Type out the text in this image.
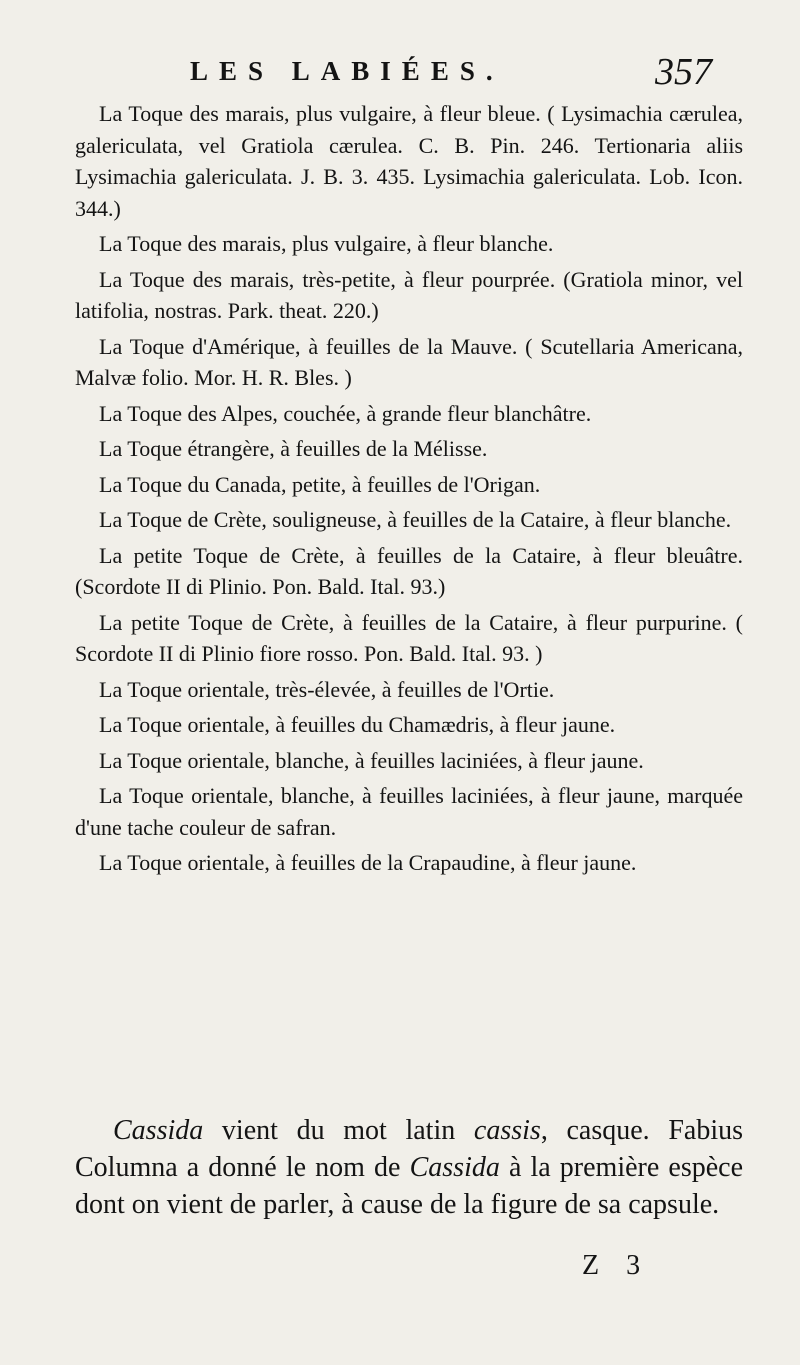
LES LABIÉES.	357

La Toque des marais, plus vulgaire, à fleur bleue. ( Lysimachia cærulea, galericulata, vel Gratiola cærulea. C. B. Pin. 246. Tertionaria aliis Lysimachia galericulata. J. B. 3. 435. Lysimachia galericulata. Lob. Icon. 344.)

La Toque des marais, plus vulgaire, à fleur blanche.

La Toque des marais, très-petite, à fleur pourprée. (Gratiola minor, vel latifolia, nostras. Park. theat. 220.)

La Toque d'Amérique, à feuilles de la Mauve. ( Scutellaria Americana, Malvæ folio. Mor. H. R. Bles. )

La Toque des Alpes, couchée, à grande fleur blanchâtre.

La Toque étrangère, à feuilles de la Mélisse.

La Toque du Canada, petite, à feuilles de l'Origan.

La Toque de Crète, souligneuse, à feuilles de la Cataire, à fleur blanche.

La petite Toque de Crète, à feuilles de la Cataire, à fleur bleuâtre. (Scordote II di Plinio. Pon. Bald. Ital. 93.)

La petite Toque de Crète, à feuilles de la Cataire, à fleur purpurine. ( Scordote II di Plinio fiore rosso. Pon. Bald. Ital. 93. )

La Toque orientale, très-élevée, à feuilles de l'Ortie.

La Toque orientale, à feuilles du Chamædris, à fleur jaune.

La Toque orientale, blanche, à feuilles laciniées, à fleur jaune.

La Toque orientale, blanche, à feuilles laciniées, à fleur jaune, marquée d'une tache couleur de safran.

La Toque orientale, à feuilles de la Crapaudine, à fleur jaune.

Cassida vient du mot latin cassis, casque. Fabius Columna a donné le nom de Cassida à la première espèce dont on vient de parler, à cause de la figure de sa capsule.

Z 3
